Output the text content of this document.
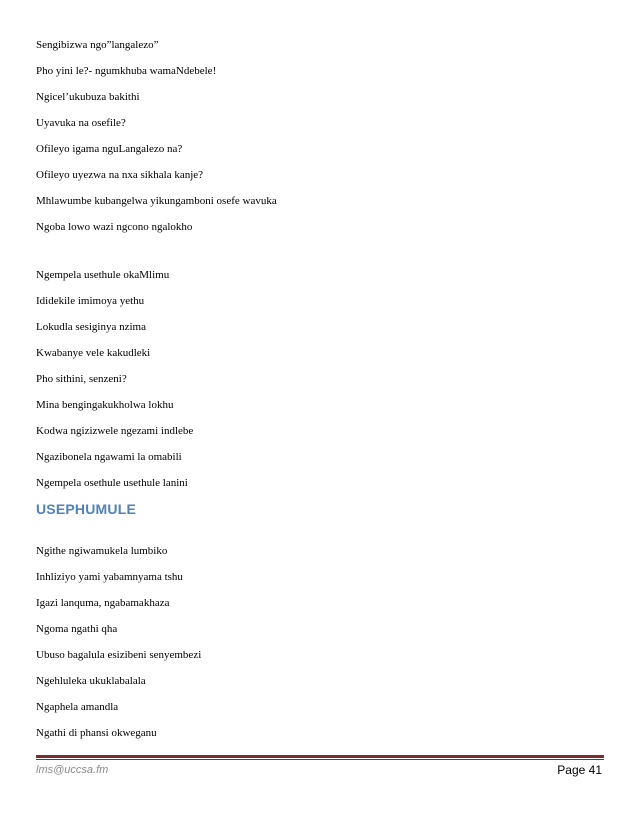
Sengibizwa ngo”langalezo”
Pho yini le?- ngumkhuba wamaNdebele!
Ngicel’ukubuza bakithi
Uyavuka na osefile?
Ofileyo igama nguLangalezo na?
Ofileyo uyezwa na nxa sikhala kanje?
Mhlawumbe kubangelwa yikungamboni osefe wavuka
Ngoba lowo wazi ngcono ngalokho
Ngempela usethule okaMlimu
Ididekile imimoya yethu
Lokudla sesiginya nzima
Kwabanye vele kakudleki
Pho sithini, senzeni?
Mina bengingakukholwa lokhu
Kodwa ngizizwele ngezami indlebe
Ngazibonela ngawami la omabili
Ngempela osethule usethule lanini
USEPHUMULE
Ngithe ngiwamukela lumbiko
Inhliziyo yami yabamnyama tshu
Igazi lanquma, ngabamakhaza
Ngoma ngathi qha
Ubuso bagalula esizibeni senyembezi
Ngehluleka ukuklabalala
Ngaphela amandla
Ngathi di phansi okweganu
lms@uccsa.fm	Page 41
